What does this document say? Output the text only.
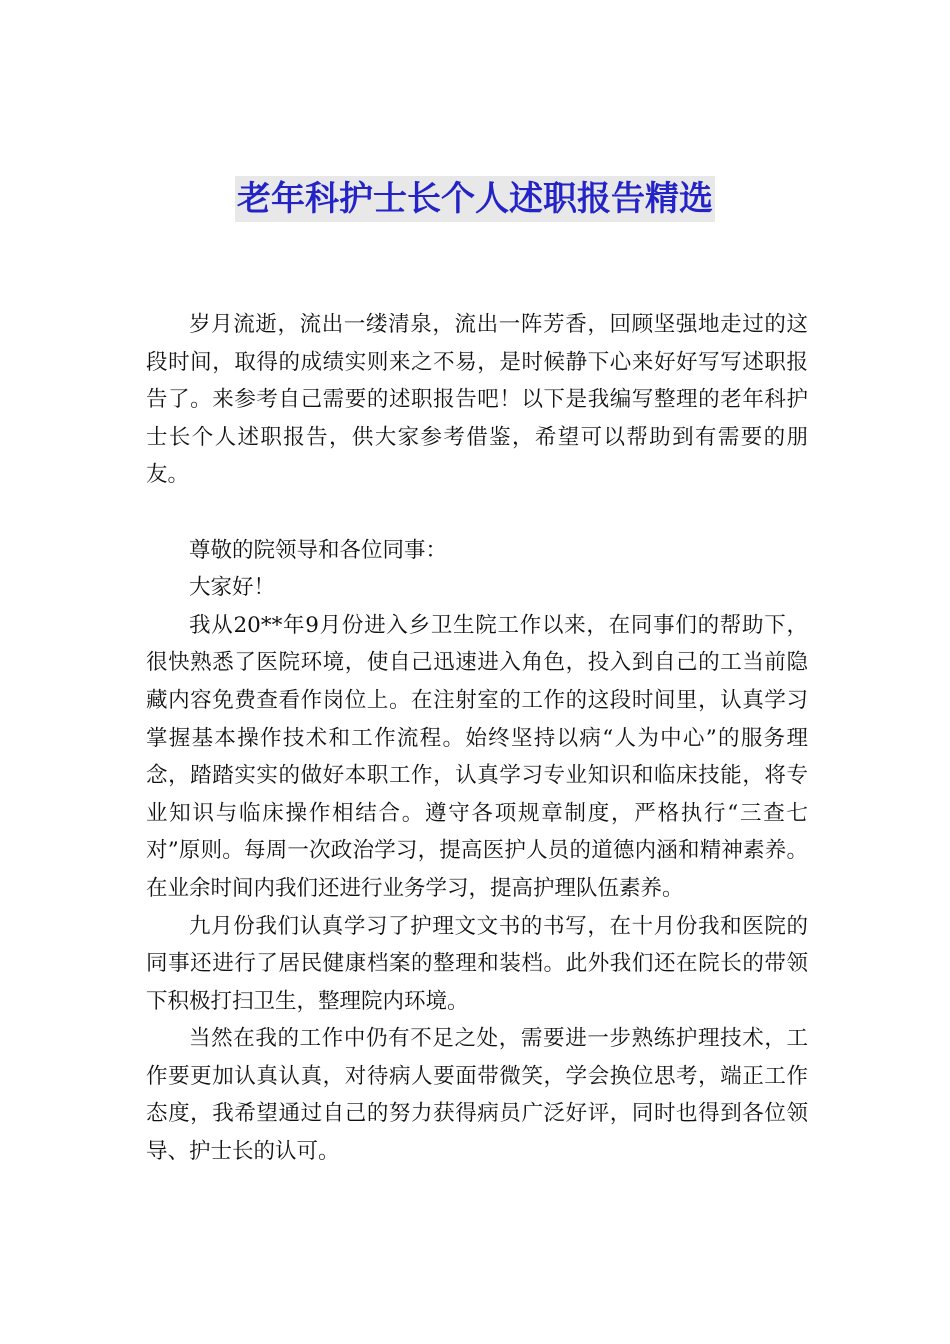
老年科护士长个人述职报告精选

岁月流逝，流出一缕清泉，流出一阵芳香，回顾坚强地走过的这段时间，取得的成绩实则来之不易，是时候静下心来好好写写述职报告了。来参考自己需要的述职报告吧！以下是我编写整理的老年科护士长个人述职报告，供大家参考借鉴，希望可以帮助到有需要的朋友。

尊敬的院领导和各位同事：

大家好！

我从20**年9月份进入乡卫生院工作以来，在同事们的帮助下，很快熟悉了医院环境，使自己迅速进入角色，投入到自己的工当前隐藏内容免费查看作岗位上。在注射室的工作的这段时间里，认真学习掌握基本操作技术和工作流程。始终坚持以病“人为中心”的服务理念，踏踏实实的做好本职工作，认真学习专业知识和临床技能，将专业知识与临床操作相结合。遵守各项规章制度，严格执行“三查七对”原则。每周一次政治学习，提高医护人员的道德内涵和精神素养。在业余时间内我们还进行业务学习，提高护理队伍素养。

九月份我们认真学习了护理文文书的书写，在十月份我和医院的同事还进行了居民健康档案的整理和装档。此外我们还在院长的带领下积极打扫卫生，整理院内环境。

当然在我的工作中仍有不足之处，需要进一步熟练护理技术，工作要更加认真认真，对待病人要面带微笑，学会换位思考，端正工作态度，我希望通过自己的努力获得病员广泛好评，同时也得到各位领导、护士长的认可。
